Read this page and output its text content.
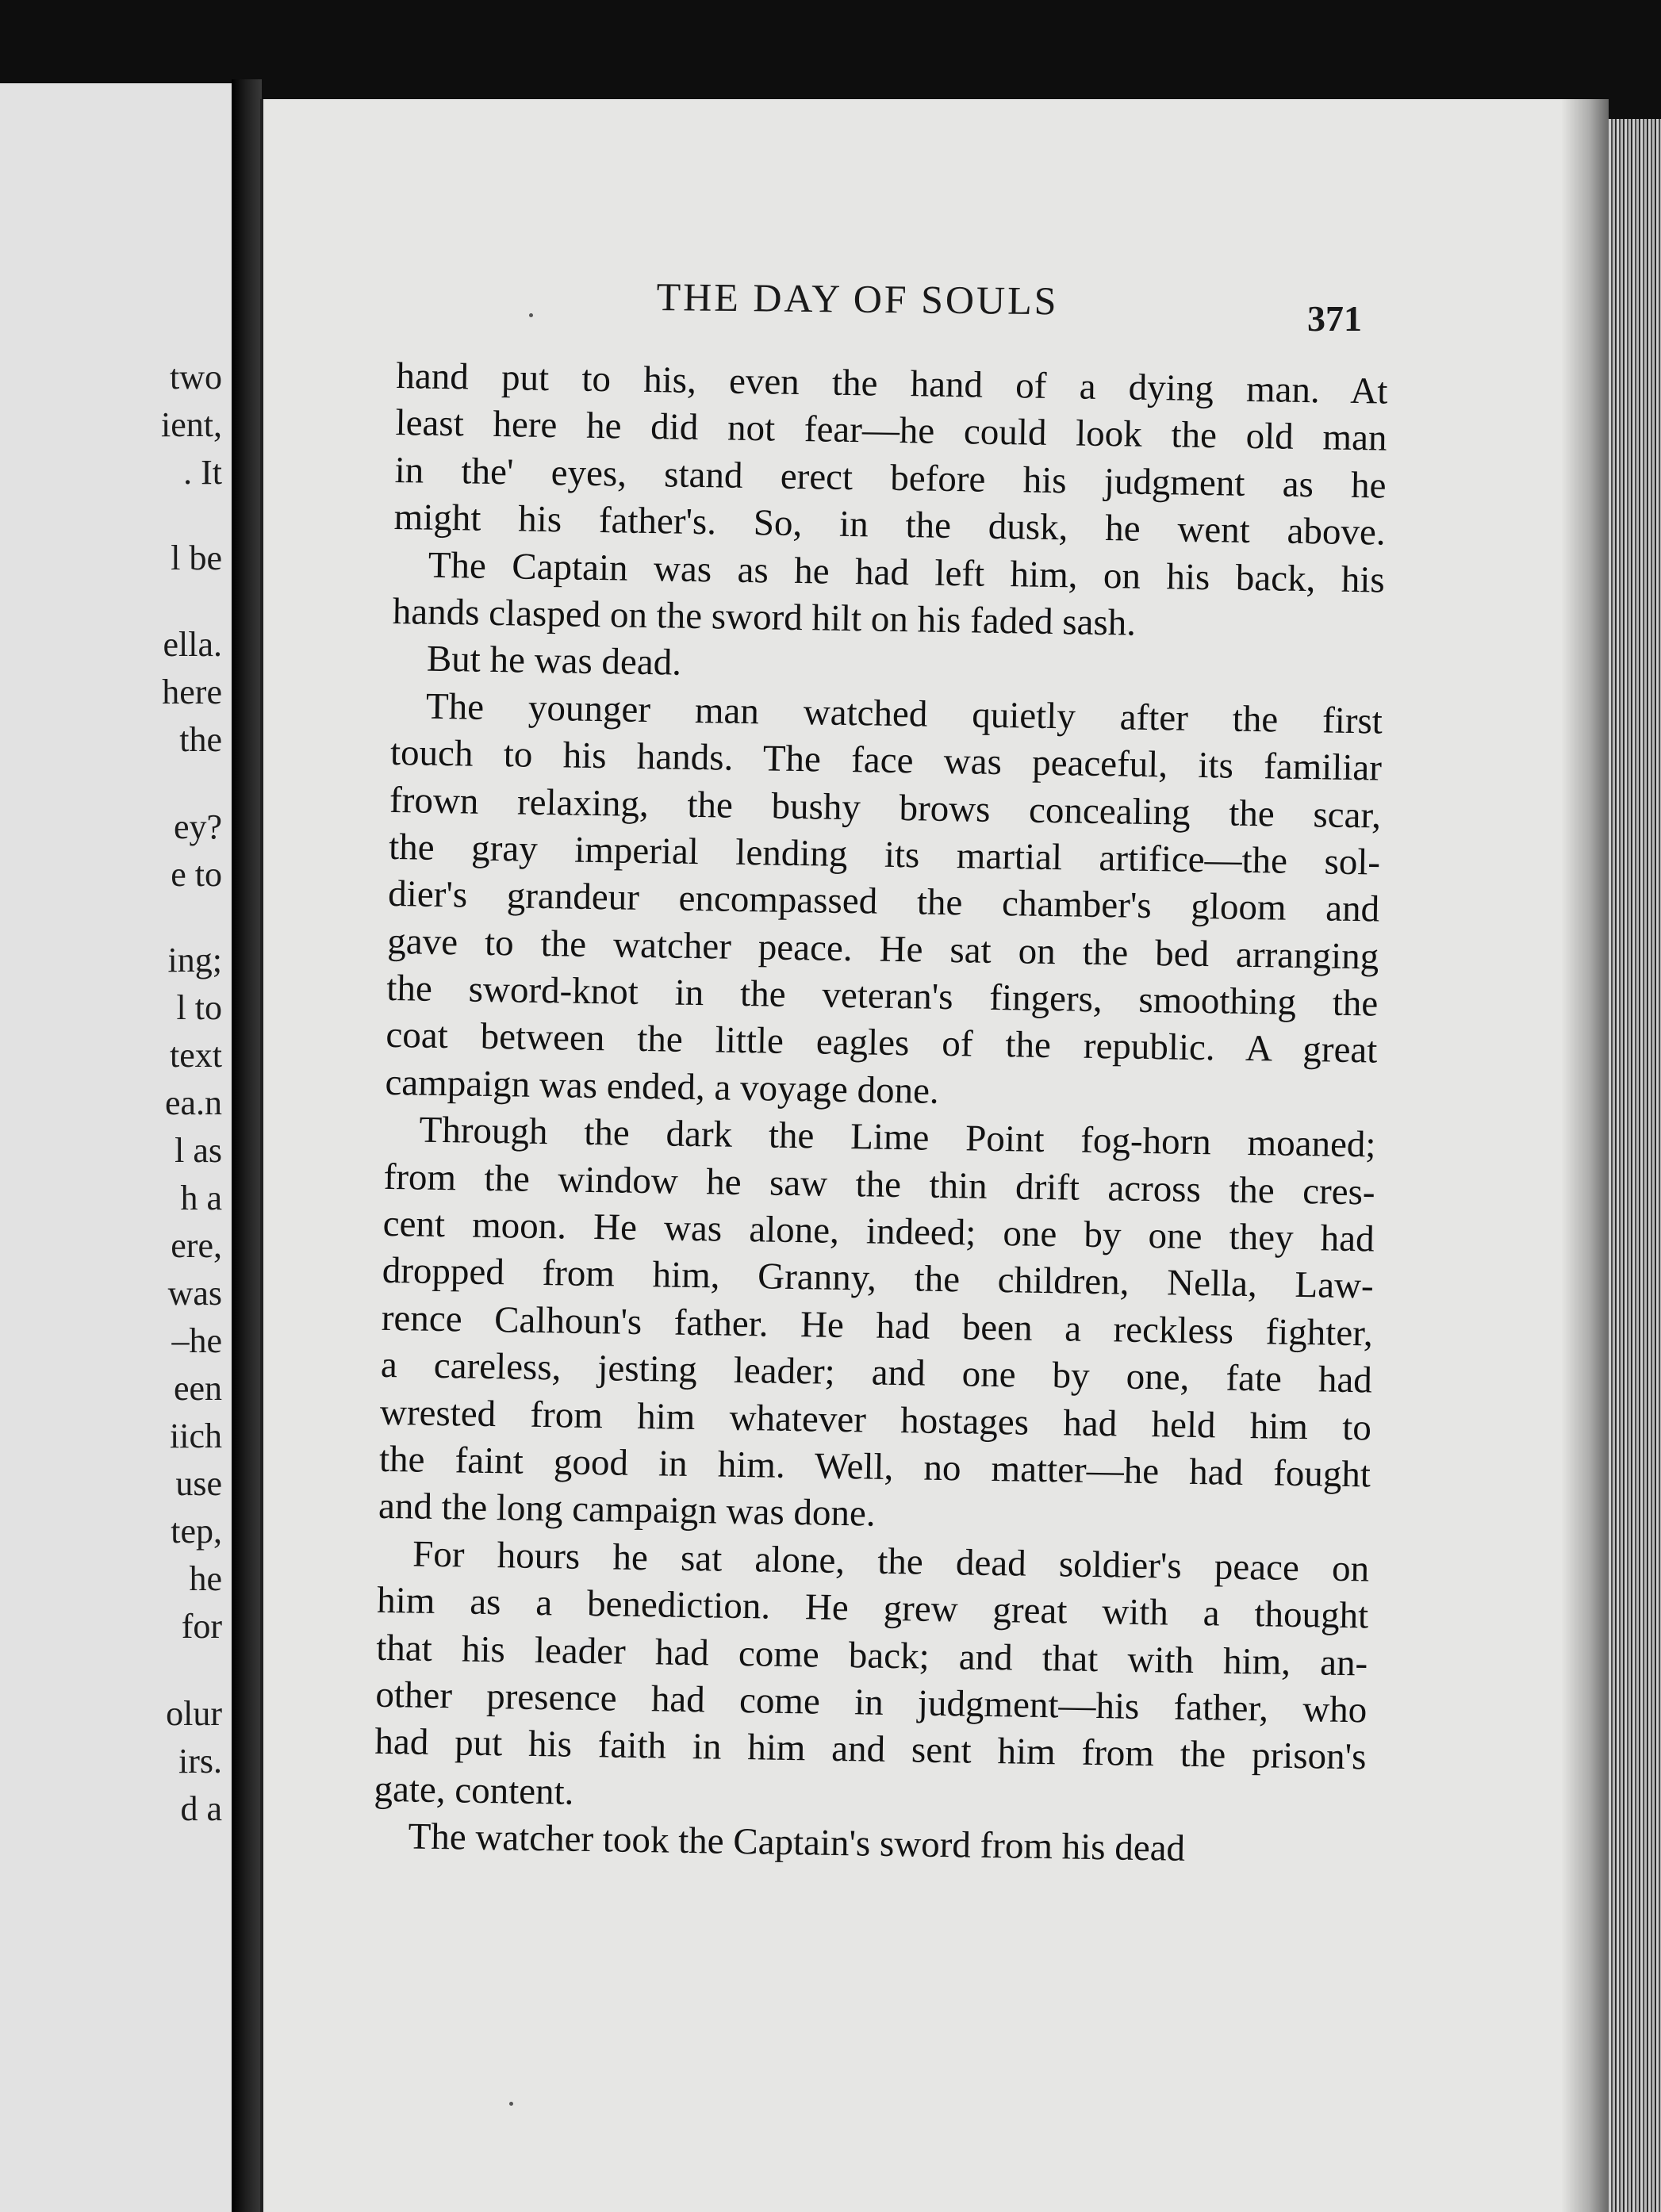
two
ient,
. It
l be
ella.
here
the
ey?
e to
ing;
l to
text
ea.n
l as
h a
ere,
was
–he
een
iich
use
tep,
he
for
olur
irs.
d a
THE DAY OF SOULS	371
hand put to his, even the hand of a dying man. At
least here he did not fear—he could look the old man
in the' eyes, stand erect before his judgment as he
might his father's. So, in the dusk, he went above.
The Captain was as he had left him, on his back, his
hands clasped on the sword hilt on his faded sash.
But he was dead.
The younger man watched quietly after the first
touch to his hands. The face was peaceful, its familiar
frown relaxing, the bushy brows concealing the scar,
the gray imperial lending its martial artifice—the sol-
dier's grandeur encompassed the chamber's gloom and
gave to the watcher peace. He sat on the bed arranging
the sword-knot in the veteran's fingers, smoothing the
coat between the little eagles of the republic. A great
campaign was ended, a voyage done.
Through the dark the Lime Point fog-horn moaned;
from the window he saw the thin drift across the cres-
cent moon. He was alone, indeed; one by one they had
dropped from him, Granny, the children, Nella, Law-
rence Calhoun's father. He had been a reckless fighter,
a careless, jesting leader; and one by one, fate had
wrested from him whatever hostages had held him to
the faint good in him. Well, no matter—he had fought
and the long campaign was done.
For hours he sat alone, the dead soldier's peace on
him as a benediction. He grew great with a thought
that his leader had come back; and that with him, an-
other presence had come in judgment—his father, who
had put his faith in him and sent him from the prison's
gate, content.
The watcher took the Captain's sword from his dead
